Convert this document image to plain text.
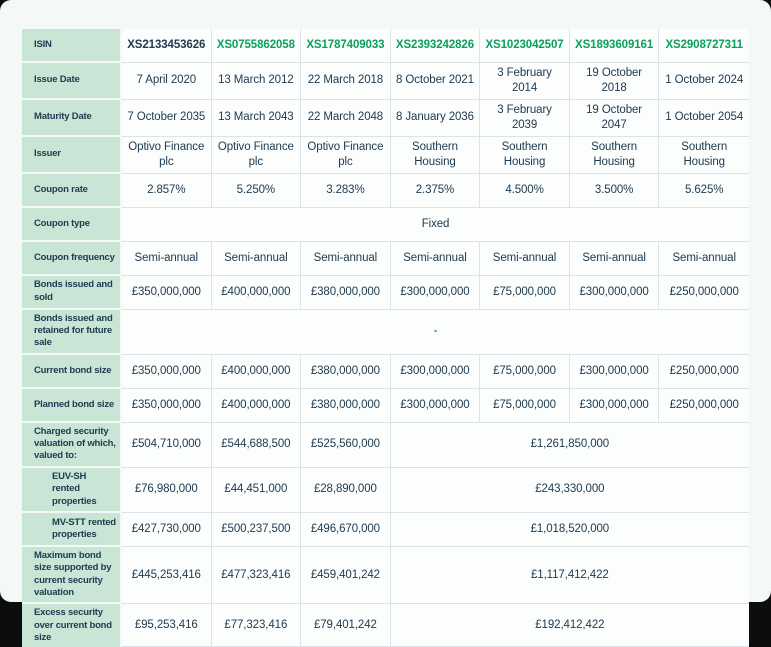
ISIN	XS2133453626	XS0755862058	XS1787409033	XS2393242826	XS1023042507	XS1893609161	XS2908727311
Issue Date	7 April 2020	13 March 2012	22 March 2018	8 October 2021	3 February 2014	19 October 2018	1 October 2024
Maturity Date	7 October 2035	13 March 2043	22 March 2048	8 January 2036	3 February 2039	19 October 2047	1 October 2054
Issuer	Optivo Finance plc	Optivo Finance plc	Optivo Finance plc	Southern Housing	Southern Housing	Southern Housing	Southern Housing
Coupon rate	2.857%	5.250%	3.283%	2.375%	4.500%	3.500%	5.625%
Coupon type	Fixed						
Coupon frequency	Semi-annual	Semi-annual	Semi-annual	Semi-annual	Semi-annual	Semi-annual	Semi-annual
Bonds issued and sold	£350,000,000	£400,000,000	£380,000,000	£300,000,000	£75,000,000	£300,000,000	£250,000,000
Bonds issued and retained for future sale	-						
Current bond size	£350,000,000	£400,000,000	£380,000,000	£300,000,000	£75,000,000	£300,000,000	£250,000,000
Planned bond size	£350,000,000	£400,000,000	£380,000,000	£300,000,000	£75,000,000	£300,000,000	£250,000,000
Charged security valuation of which, valued to:	£504,710,000	£544,688,500	£525,560,000	£1,261,850,000			
EUV-SH rented properties	£76,980,000	£44,451,000	£28,890,000	£243,330,000			
MV-STT rented properties	£427,730,000	£500,237,500	£496,670,000	£1,018,520,000			
Maximum bond size supported by current security valuation	£445,253,416	£477,323,416	£459,401,242	£1,117,412,422			
Excess security over current bond size	£95,253,416	£77,323,416	£79,401,242	£192,412,422			
